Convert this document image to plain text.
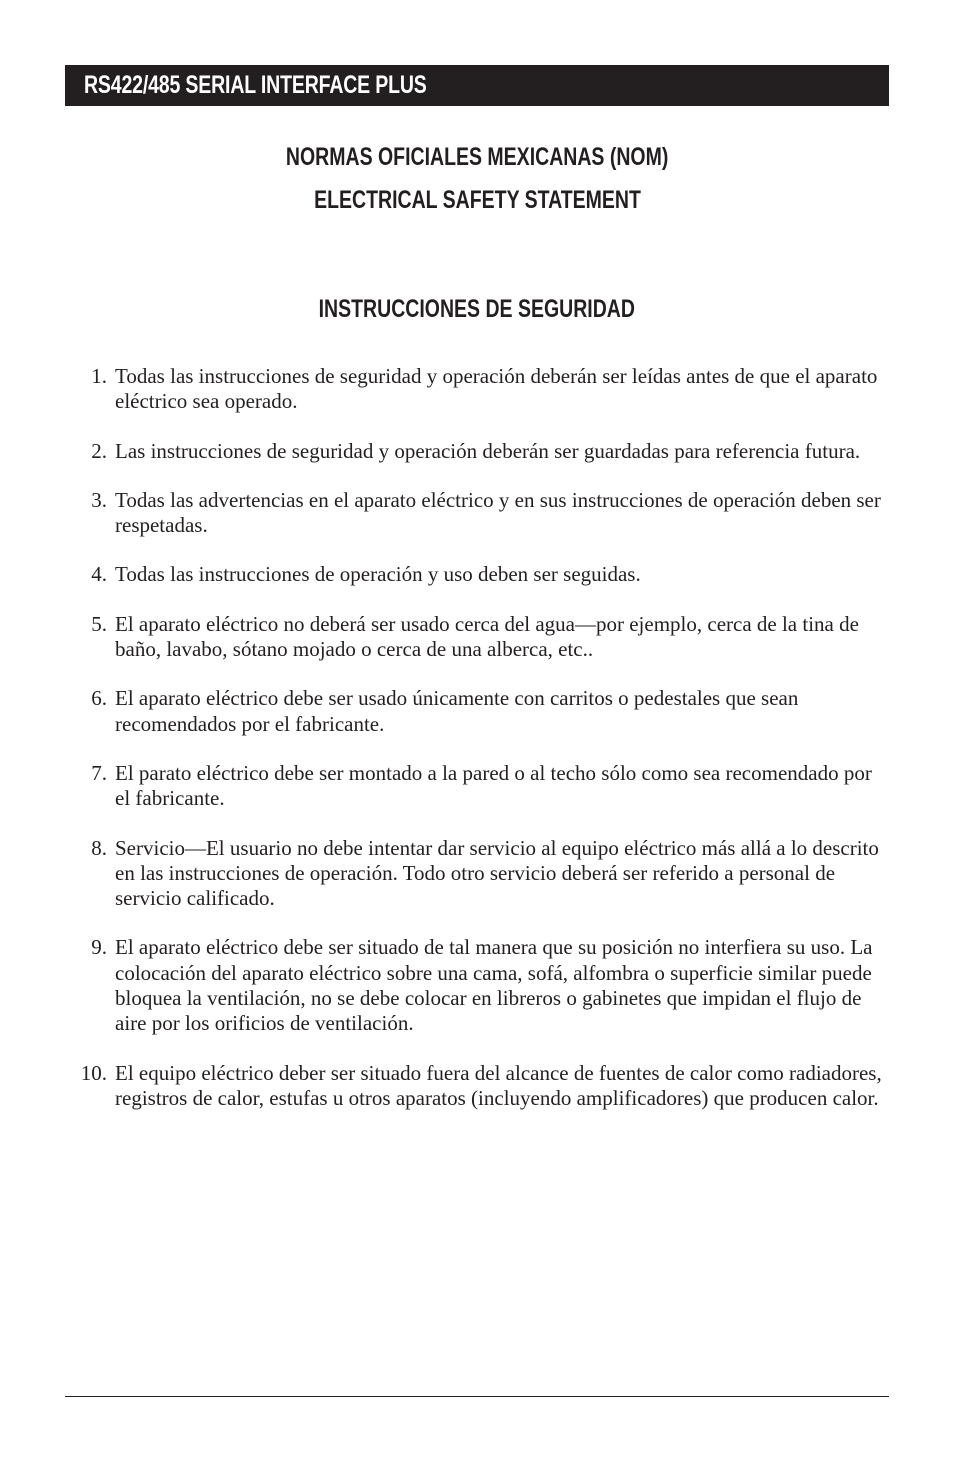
RS422/485 SERIAL INTERFACE PLUS
NORMAS OFICIALES MEXICANAS (NOM)
ELECTRICAL SAFETY STATEMENT
INSTRUCCIONES DE SEGURIDAD
1. Todas las instrucciones de seguridad y operación deberán ser leídas antes de que el aparato eléctrico sea operado.
2. Las instrucciones de seguridad y operación deberán ser guardadas para referencia futura.
3. Todas las advertencias en el aparato eléctrico y en sus instrucciones de operación deben ser respetadas.
4. Todas las instrucciones de operación y uso deben ser seguidas.
5. El aparato eléctrico no deberá ser usado cerca del agua—por ejemplo, cerca de la tina de baño, lavabo, sótano mojado o cerca de una alberca, etc..
6. El aparato eléctrico debe ser usado únicamente con carritos o pedestales que sean recomendados por el fabricante.
7. El parato eléctrico debe ser montado a la pared o al techo sólo como sea recomendado por el fabricante.
8. Servicio—El usuario no debe intentar dar servicio al equipo eléctrico más allá a lo descrito en las instrucciones de operación. Todo otro servicio deberá ser referido a personal de servicio calificado.
9. El aparato eléctrico debe ser situado de tal manera que su posición no interfiera su uso. La colocación del aparato eléctrico sobre una cama, sofá, alfombra o superficie similar puede bloquea la ventilación, no se debe colocar en libreros o gabinetes que impidan el flujo de aire por los orificios de ventilación.
10. El equipo eléctrico deber ser situado fuera del alcance de fuentes de calor como radiadores, registros de calor, estufas u otros aparatos (incluyendo amplificadores) que producen calor.
